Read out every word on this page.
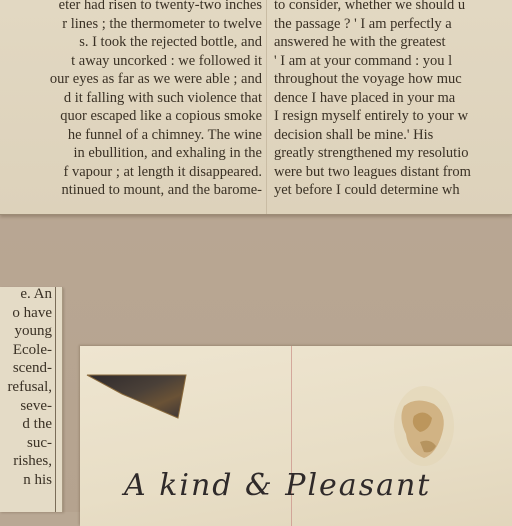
eter had risen to twenty-two inches
r lines ; the thermometer to twelve
s. I took the rejected bottle, and
t away uncorked : we followed it
our eyes as far as we were able ; and
d it falling with such violence that
quor escaped like a copious smoke
he funnel of a chimney. The wine
in ebullition, and exhaling in the
f vapour ; at length it disappeared.
ntinued to mount, and the barome-
to consider, whether we should u
the passage ? ' I am perfectly a
answered he with the greatest
' I am at your command : you l
throughout the voyage how muc
dence I have placed in your ma
I resign myself entirely to your w
decision shall be mine.' His
greatly strengthened my resolutio
were but two leagues distant from
yet before I could determine wh
e. An
o have
young
Ecole-
scend-
refusal,
seve-
d the
suc-
rishes,
n his A kind & Pleasant
